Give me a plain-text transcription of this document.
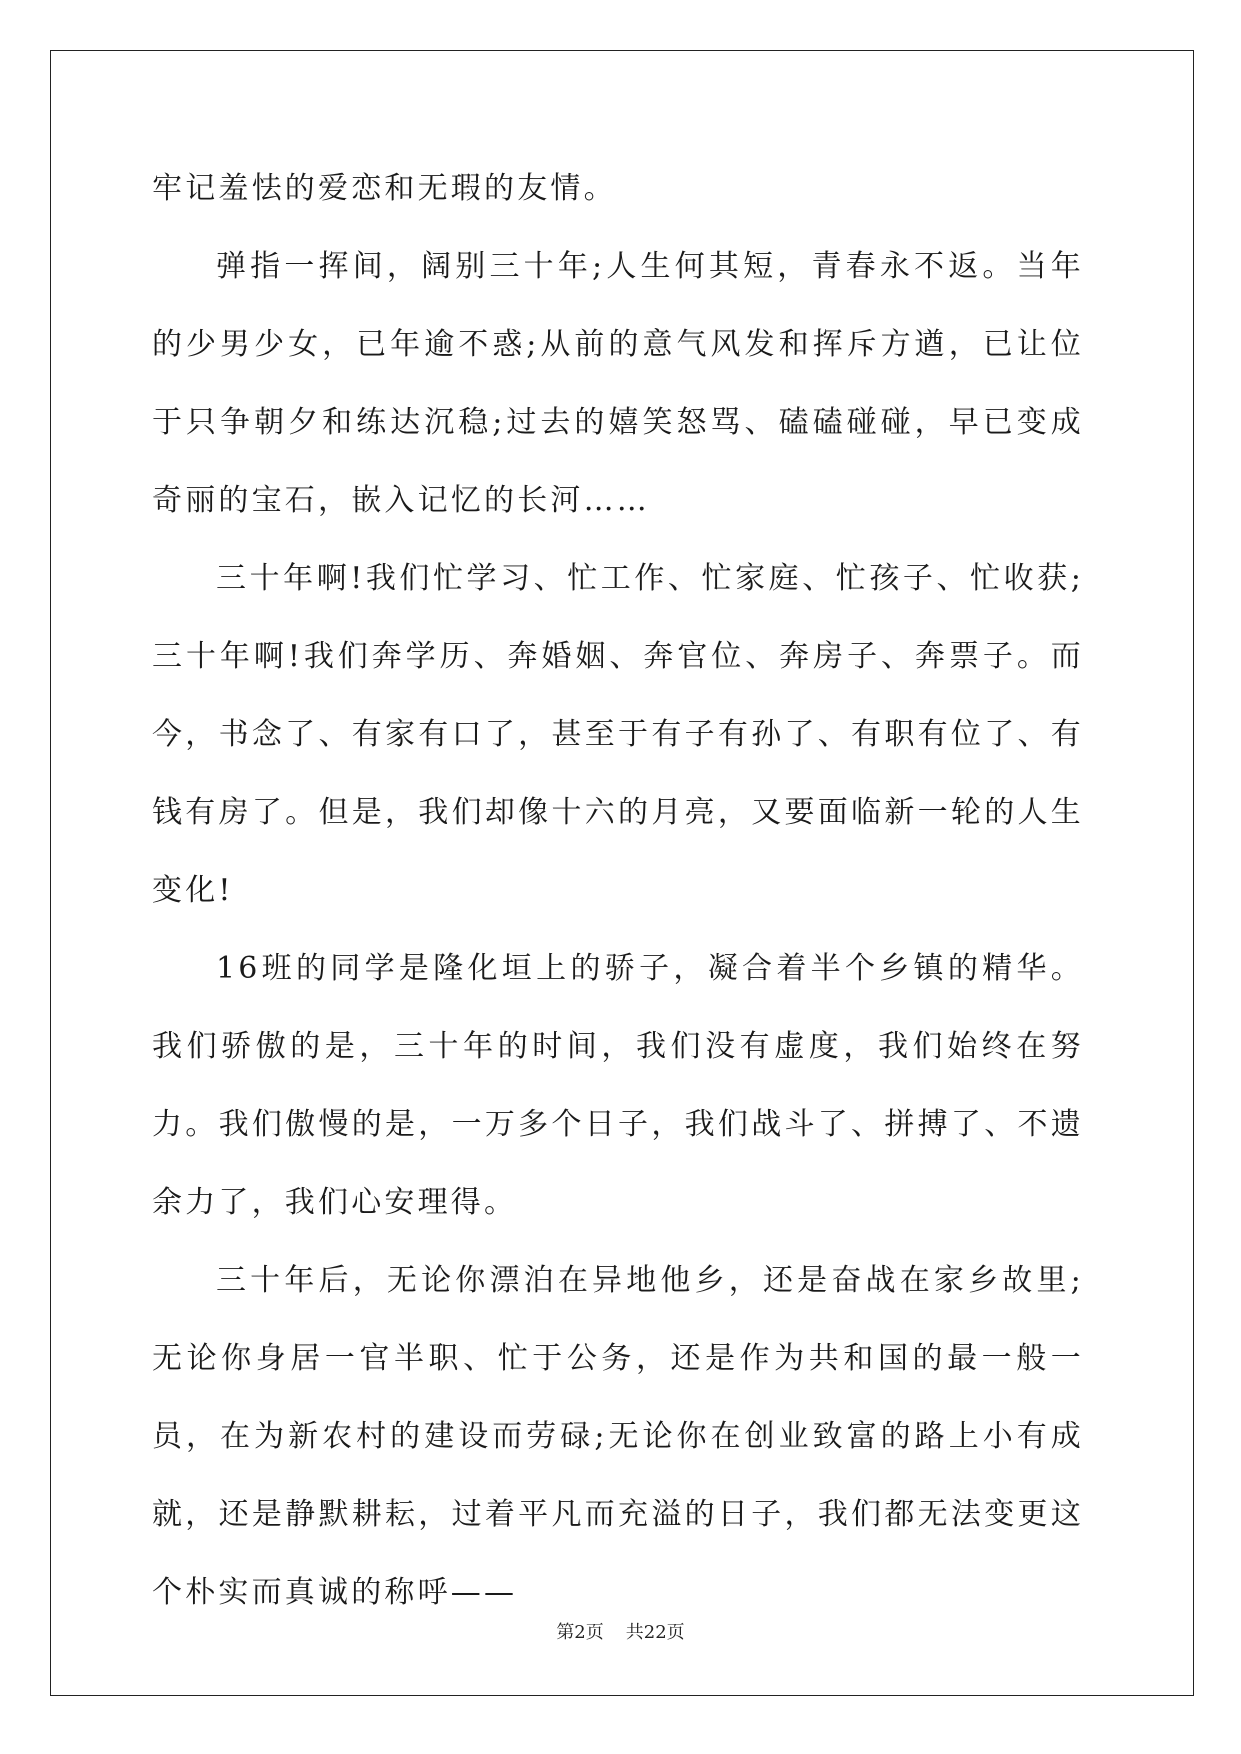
牢记羞怯的爱恋和无瑕的友情。

弹指一挥间，阔别三十年;人生何其短，青春永不返。当年的少男少女，已年逾不惑;从前的意气风发和挥斥方遒，已让位于只争朝夕和练达沉稳;过去的嬉笑怒骂、磕磕碰碰，早已变成奇丽的宝石，嵌入记忆的长河……

三十年啊!我们忙学习、忙工作、忙家庭、忙孩子、忙收获;三十年啊!我们奔学历、奔婚姻、奔官位、奔房子、奔票子。而今，书念了、有家有口了，甚至于有子有孙了、有职有位了、有钱有房了。但是，我们却像十六的月亮，又要面临新一轮的人生变化!

16班的同学是隆化垣上的骄子，凝合着半个乡镇的精华。我们骄傲的是，三十年的时间，我们没有虚度，我们始终在努力。我们傲慢的是，一万多个日子，我们战斗了、拼搏了、不遗余力了，我们心安理得。

三十年后，无论你漂泊在异地他乡，还是奋战在家乡故里;无论你身居一官半职、忙于公务，还是作为共和国的最一般一员，在为新农村的建设而劳碌;无论你在创业致富的路上小有成就，还是静默耕耘，过着平凡而充溢的日子，我们都无法变更这个朴实而真诚的称呼——

第2页 共22页
